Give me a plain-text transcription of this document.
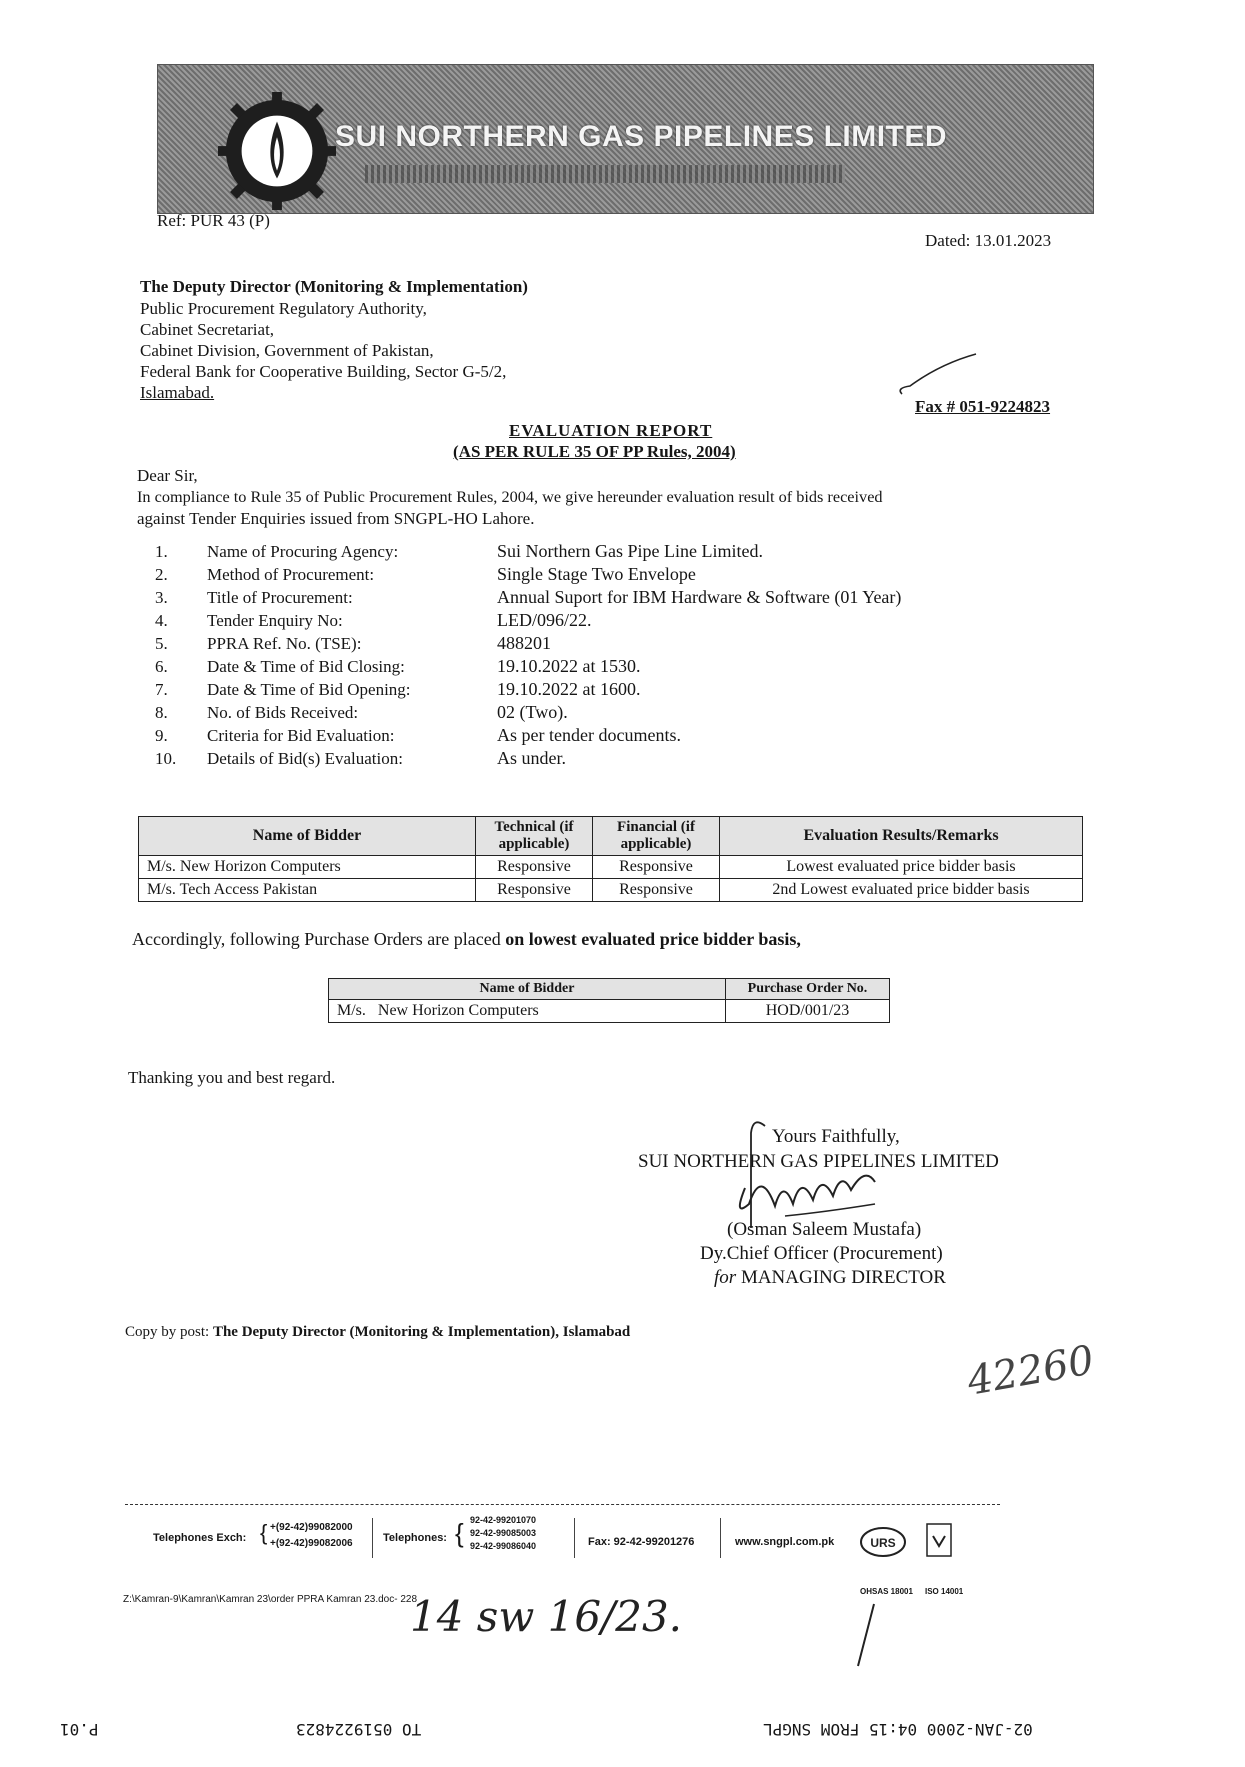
SUI NORTHERN GAS PIPELINES LIMITED
Ref: PUR 43 (P)
Dated: 13.01.2023
The Deputy Director (Monitoring & Implementation)
Public Procurement Regulatory Authority,
Cabinet Secretariat,
Cabinet Division, Government of Pakistan,
Federal Bank for Cooperative Building, Sector G-5/2,
Islamabad.
Fax # 051-9224823
EVALUATION REPORT
(AS PER RULE 35 OF PP Rules, 2004)
Dear Sir,
In compliance to Rule 35 of Public Procurement Rules, 2004, we give hereunder evaluation result of bids received
against Tender Enquiries issued from SNGPL-HO Lahore.
1. Name of Procuring Agency:	Sui Northern Gas Pipe Line Limited.
2. Method of Procurement:	Single Stage Two Envelope
3. Title of Procurement:	Annual Suport for IBM Hardware & Software (01 Year)
4. Tender Enquiry No:	LED/096/22.
5. PPRA Ref. No. (TSE):	488201
6. Date & Time of Bid Closing:	19.10.2022 at 1530.
7. Date & Time of Bid Opening:	19.10.2022 at 1600.
8. No. of Bids Received:	02 (Two).
9. Criteria for Bid Evaluation:	As per tender documents.
10. Details of Bid(s) Evaluation:	As under.
Name of Bidder	Technical (if applicable)	Financial (if applicable)	Evaluation Results/Remarks
M/s. New Horizon Computers	Responsive	Responsive	Lowest evaluated price bidder basis
M/s. Tech Access Pakistan	Responsive	Responsive	2nd Lowest evaluated price bidder basis
Accordingly, following Purchase Orders are placed on lowest evaluated price bidder basis,
Name of Bidder	Purchase Order No.
M/s.   New Horizon Computers	HOD/001/23
Thanking you and best regard.
Yours Faithfully,
SUI NORTHERN GAS PIPELINES LIMITED
(Osman Saleem Mustafa)
Dy.Chief Officer (Procurement)
for MANAGING DIRECTOR
Copy by post: The Deputy Director (Monitoring & Implementation), Islamabad
42260
Telephones Exch: { +(92-42)99082000
+(92-42)99082006	Telephones: { 92-42-99201070
92-42-99085003
92-42-99086040	Fax: 92-42-99201276	www.sngpl.com.pk	URS
OHSAS 18001 ISO 14001
Z:\Kamran-9\Kamran\Kamran 23\order PPRA Kamran 23.doc- 228
14 sw 16/23.
P.01	TO 0519224823	02-JAN-2000 04:15 FROM SNGPL
